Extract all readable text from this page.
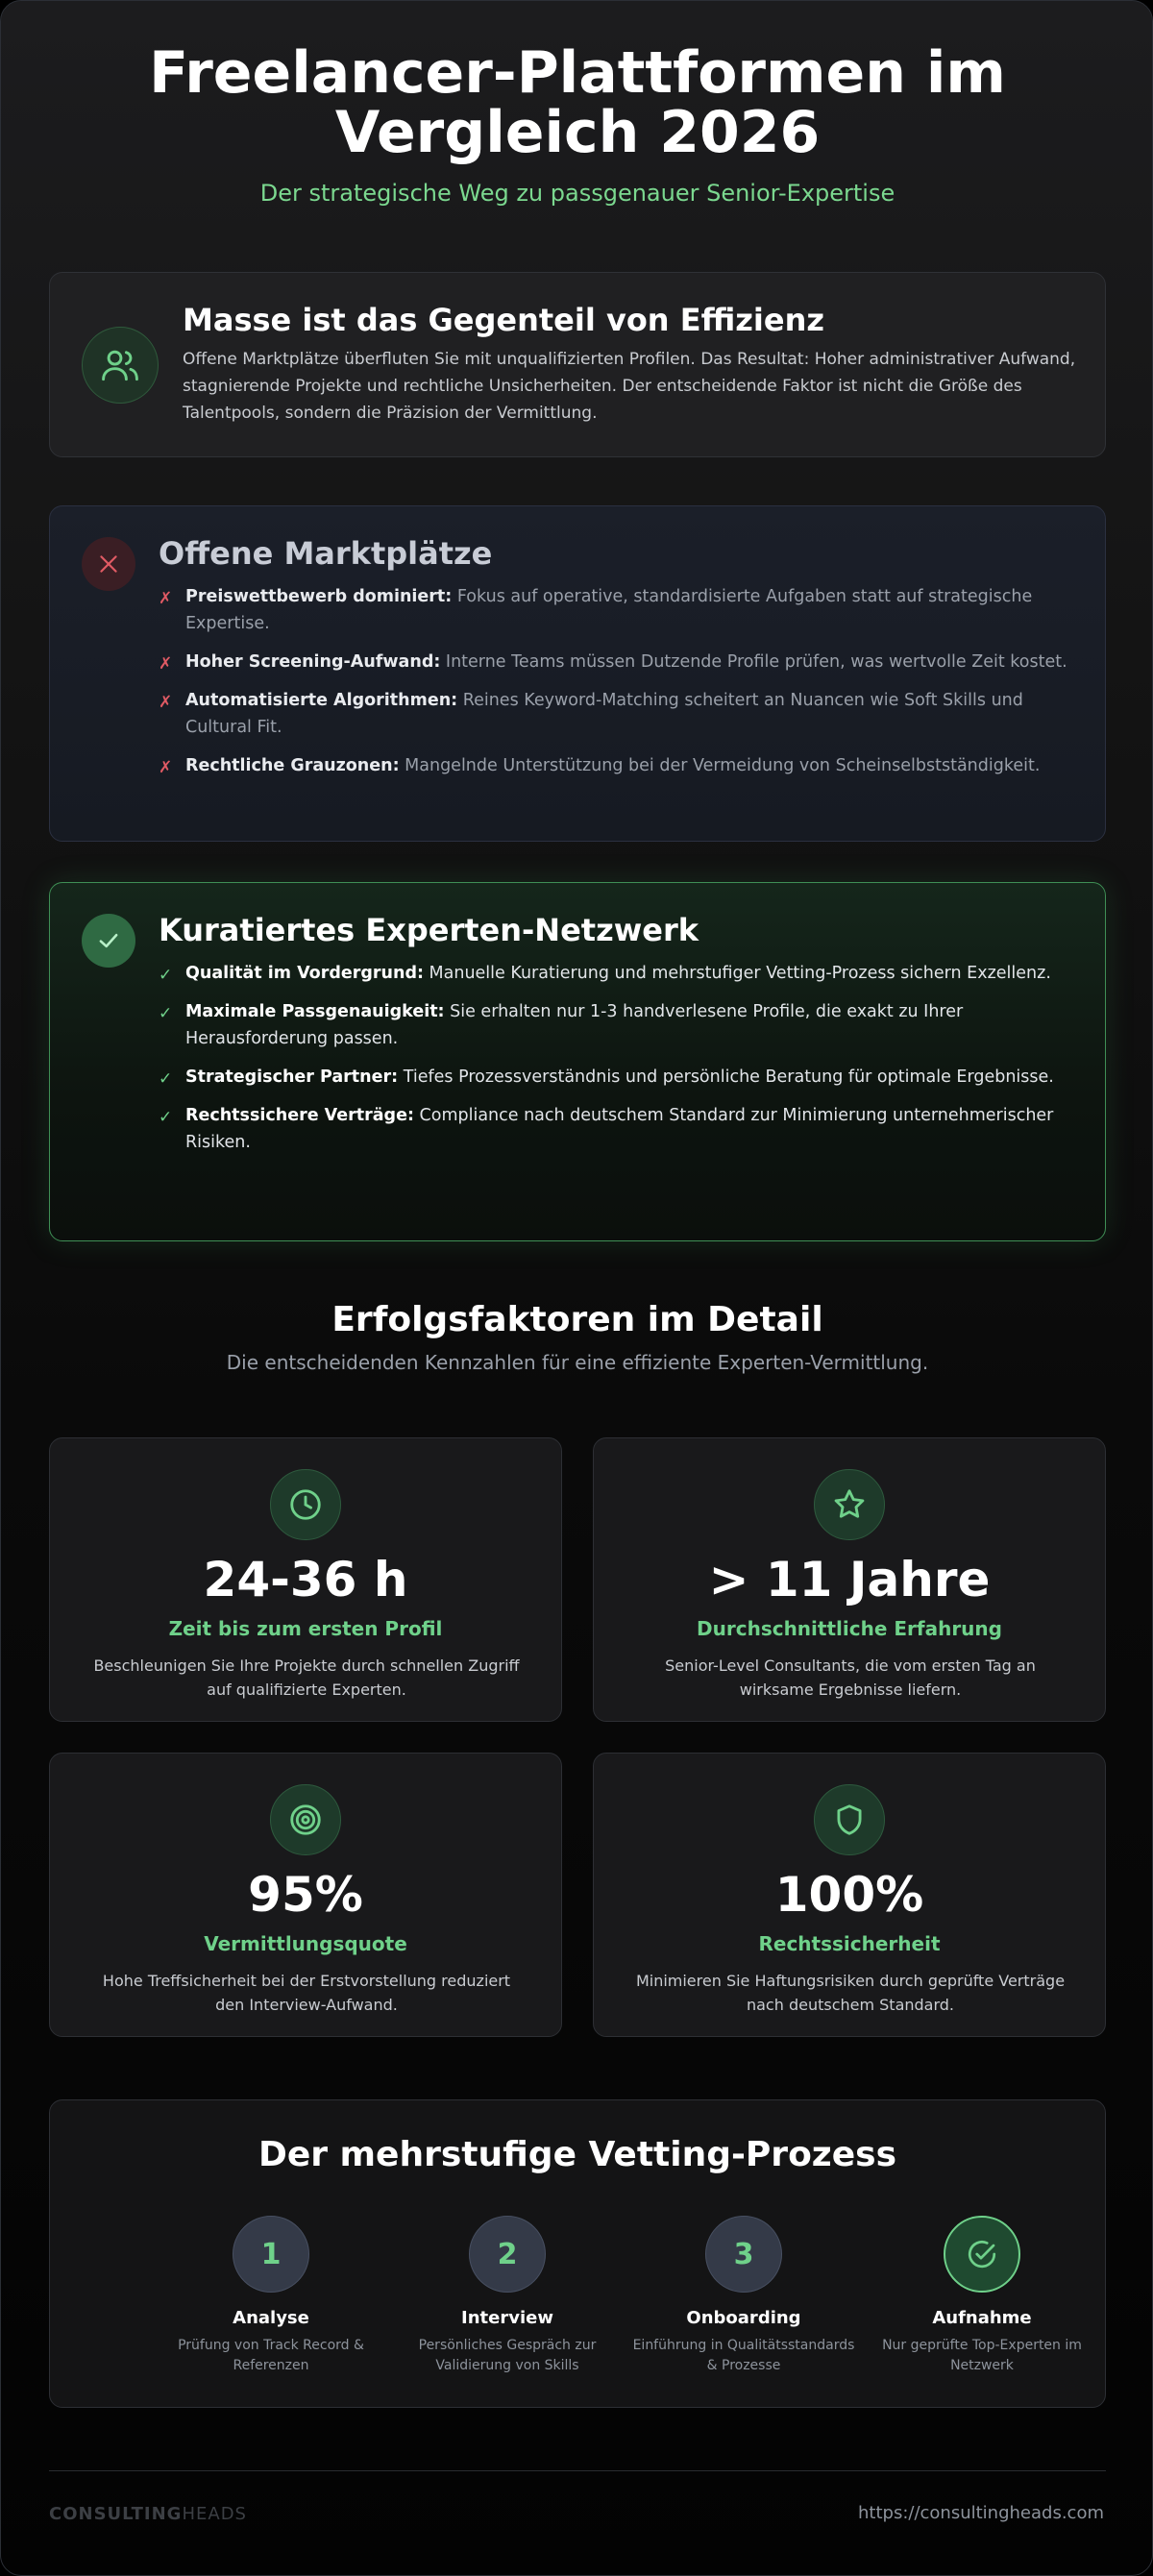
Freelancer-Plattformen im
Vergleich 2026
Der strategische Weg zu passgenauer Senior-Expertise
Masse ist das Gegenteil von Effizienz

Offene Marktplätze überfluten Sie mit unqualifizierten Profilen. Das Resultat: Hoher administrativer Aufwand, stagnierende Projekte und rechtliche Unsicherheiten. Der entscheidende Faktor ist nicht die Größe des Talentpools, sondern die Präzision der Vermittlung.

Offene Marktplätze
✗ Preiswettbewerb dominiert: Fokus auf operative, standardisierte Aufgaben statt auf strategische Expertise.
✗ Hoher Screening-Aufwand: Interne Teams müssen Dutzende Profile prüfen, was wertvolle Zeit kostet.
✗ Automatisierte Algorithmen: Reines Keyword-Matching scheitert an Nuancen wie Soft Skills und Cultural Fit.
✗ Rechtliche Grauzonen: Mangelnde Unterstützung bei der Vermeidung von Scheinselbstständigkeit.
Kuratiertes Experten-Netzwerk
✓ Qualität im Vordergrund: Manuelle Kuratierung und mehrstufiger Vetting-Prozess sichern Exzellenz.
✓ Maximale Passgenauigkeit: Sie erhalten nur 1-3 handverlesene Profile, die exakt zu Ihrer Herausforderung passen.
✓ Strategischer Partner: Tiefes Prozessverständnis und persönliche Beratung für optimale Ergebnisse.
✓ Rechtssichere Verträge: Compliance nach deutschem Standard zur Minimierung unternehmerischer Risiken.
Erfolgsfaktoren im Detail
Die entscheidenden Kennzahlen für eine effiziente Experten-Vermittlung.
24-36 h
Zeit bis zum ersten Profil
Beschleunigen Sie Ihre Projekte durch schnellen Zugriff auf qualifizierte Experten.
> 11 Jahre
Durchschnittliche Erfahrung
Senior-Level Consultants, die vom ersten Tag an wirksame Ergebnisse liefern.
95%
Vermittlungsquote
Hohe Treffsicherheit bei der Erstvorstellung reduziert den Interview-Aufwand.
100%
Rechtssicherheit
Minimieren Sie Haftungsrisiken durch geprüfte Verträge nach deutschem Standard.
Der mehrstufige Vetting-Prozess
1
Analyse
Prüfung von Track Record & Referenzen
2
Interview
Persönliches Gespräch zur Validierung von Skills
3
Onboarding
Einführung in Qualitätsstandards & Prozesse
Aufnahme
Nur geprüfte Top-Experten im Netzwerk
CONSULTINGHEADS	https://consultingheads.com
